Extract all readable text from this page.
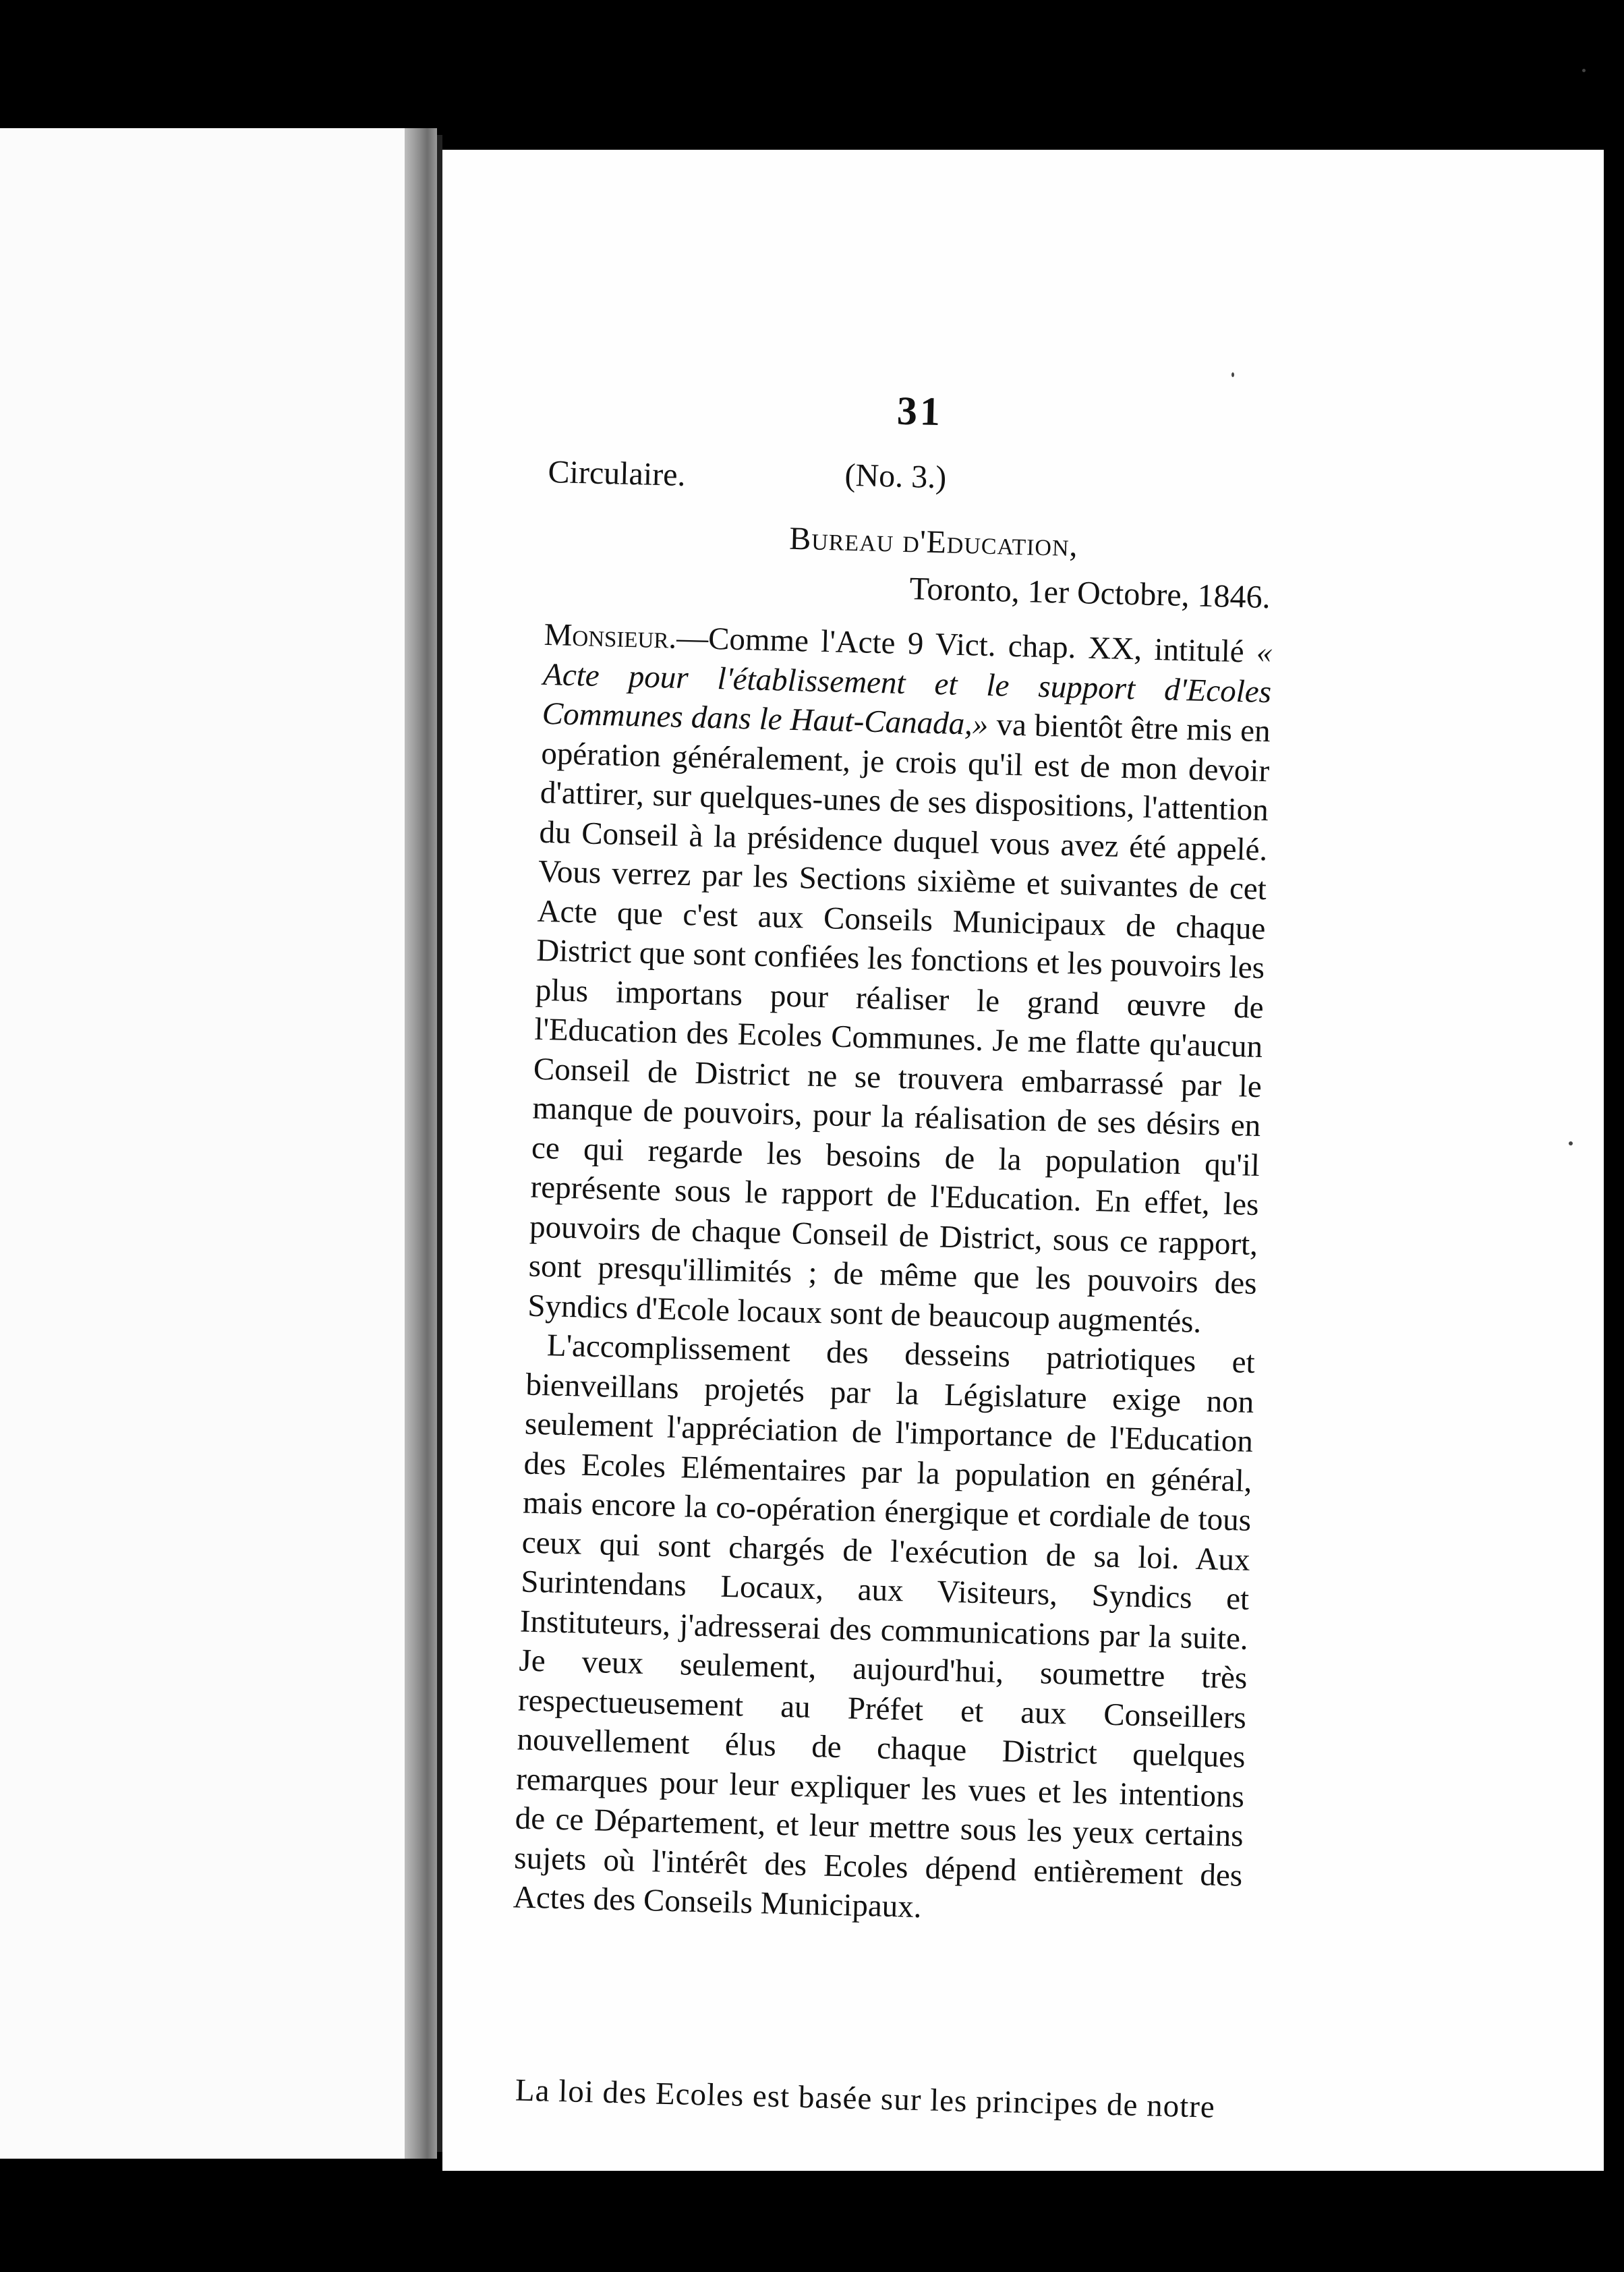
31
Circulaire.	(No. 3.)

Bureau d'Education,

Toronto, 1er Octobre, 1846.

Monsieur.—Comme l'Acte 9 Vict. chap. XX, intitulé « Acte pour l'établissement et le support d'Ecoles Communes dans le Haut-Canada,» va bientôt être mis en opération généralement, je crois qu'il est de mon devoir d'attirer, sur quelques-unes de ses dispositions, l'attention du Conseil à la présidence duquel vous avez été appelé. Vous verrez par les Sections sixième et suivantes de cet Acte que c'est aux Conseils Municipaux de chaque District que sont confiées les fonctions et les pouvoirs les plus importans pour réaliser le grand œuvre de l'Education des Ecoles Communes. Je me flatte qu'aucun Conseil de District ne se trouvera embarrassé par le manque de pouvoirs, pour la réalisation de ses désirs en ce qui regarde les besoins de la population qu'il représente sous le rapport de l'Education. En effet, les pouvoirs de chaque Conseil de District, sous ce rapport, sont presqu'illimités ; de même que les pouvoirs des Syndics d'Ecole locaux sont de beaucoup augmentés.

L'accomplissement des desseins patriotiques et bienveillans projetés par la Législature exige non seulement l'appréciation de l'importance de l'Education des Ecoles Elémentaires par la population en général, mais encore la co-opération énergique et cordiale de tous ceux qui sont chargés de l'exécution de sa loi. Aux Surintendans Locaux, aux Visiteurs, Syndics et Instituteurs, j'adresserai des communications par la suite. Je veux seulement, aujourd'hui, soumettre très respectueusement au Préfet et aux Conseillers nouvellement élus de chaque District quelques remarques pour leur expliquer les vues et les intentions de ce Département, et leur mettre sous les yeux certains sujets où l'intérêt des Ecoles dépend entièrement des Actes des Conseils Municipaux.

La loi des Ecoles est basée sur les principes de notre
